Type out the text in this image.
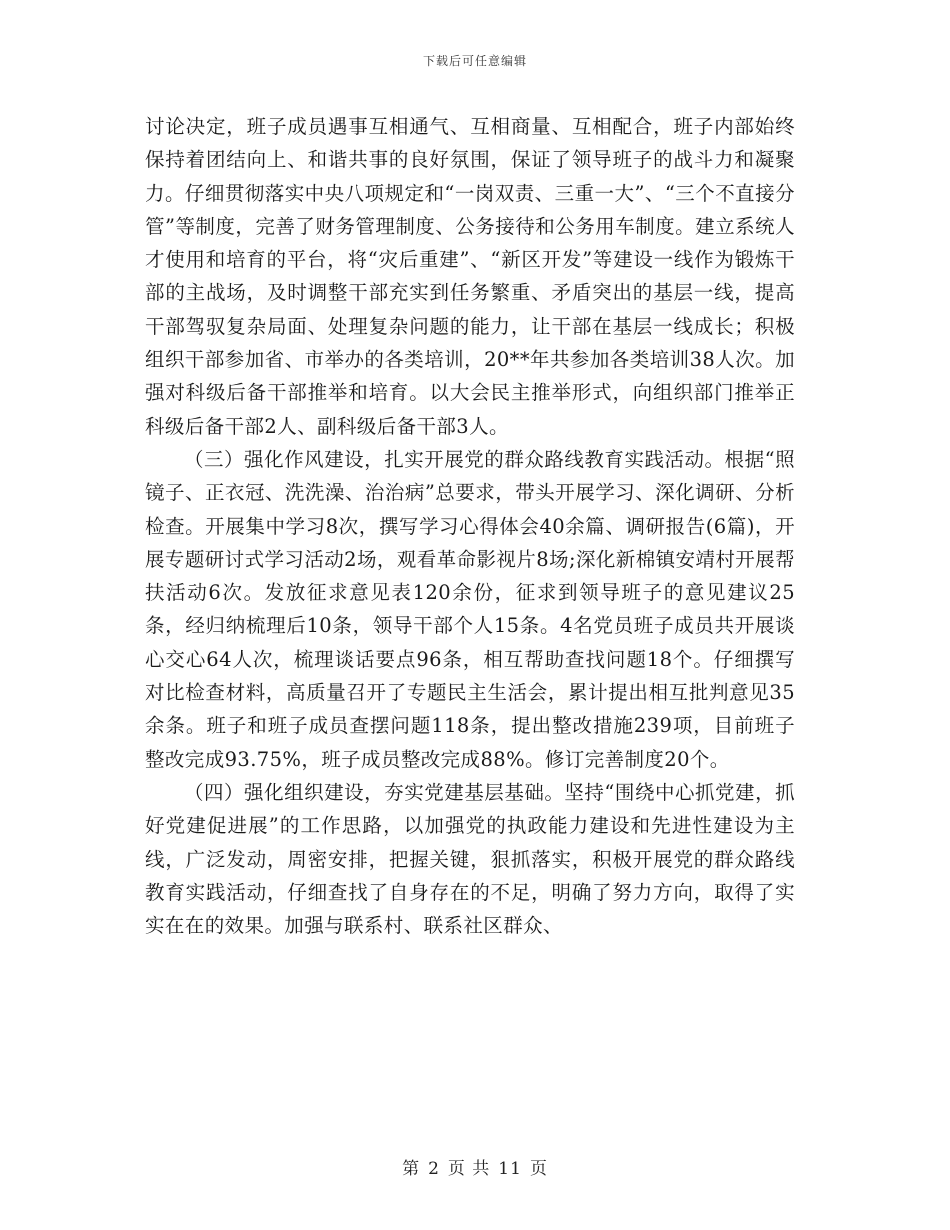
下载后可任意编辑

讨论决定，班子成员遇事互相通气、互相商量、互相配合，班子内部始终保持着团结向上、和谐共事的良好氛围，保证了领导班子的战斗力和凝聚力。仔细贯彻落实中央八项规定和“一岗双责、三重一大”、“三个不直接分管”等制度，完善了财务管理制度、公务接待和公务用车制度。建立系统人才使用和培育的平台，将“灾后重建”、“新区开发”等建设一线作为锻炼干部的主战场，及时调整干部充实到任务繁重、矛盾突出的基层一线，提高干部驾驭复杂局面、处理复杂问题的能力，让干部在基层一线成长；积极组织干部参加省、市举办的各类培训，20**年共参加各类培训38人次。加强对科级后备干部推举和培育。以大会民主推举形式，向组织部门推举正科级后备干部2人、副科级后备干部3人。

（三）强化作风建设，扎实开展党的群众路线教育实践活动。根据“照镜子、正衣冠、洗洗澡、治治病”总要求，带头开展学习、深化调研、分析检查。开展集中学习8次，撰写学习心得体会40余篇、调研报告(6篇)，开展专题研讨式学习活动2场，观看革命影视片8场;深化新棉镇安靖村开展帮扶活动6次。发放征求意见表120余份，征求到领导班子的意见建议25条，经归纳梳理后10条，领导干部个人15条。4名党员班子成员共开展谈心交心64人次，梳理谈话要点96条，相互帮助查找问题18个。仔细撰写对比检查材料，高质量召开了专题民主生活会，累计提出相互批判意见35余条。班子和班子成员查摆问题118条，提出整改措施239项，目前班子整改完成93.75%，班子成员整改完成88%。修订完善制度20个。

（四）强化组织建设，夯实党建基层基础。坚持“围绕中心抓党建，抓好党建促进展”的工作思路，以加强党的执政能力建设和先进性建设为主线，广泛发动，周密安排，把握关键，狠抓落实，积极开展党的群众路线教育实践活动，仔细查找了自身存在的不足，明确了努力方向，取得了实实在在的效果。加强与联系村、联系社区群众、

第 2 页 共 11 页
